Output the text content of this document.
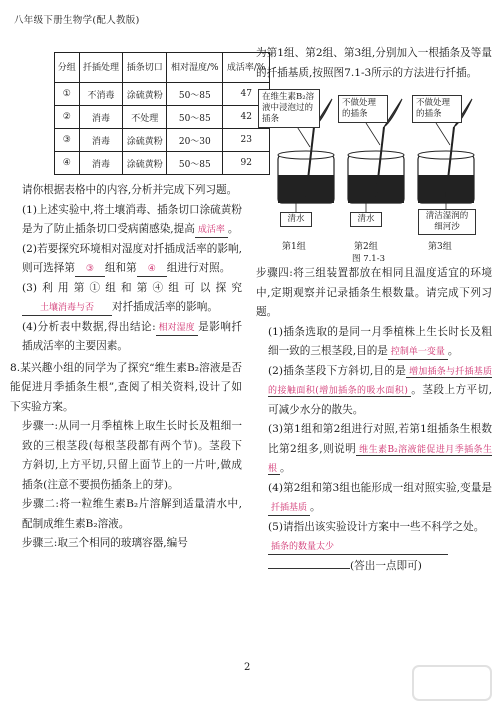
八年级下册生物学(配人教版)
分组	扦插处理	插条切口	相对湿度/%	成活率/%
①	不消毒	涂硫黄粉	50～85	47
②	消毒	不处理	50～85	42
③	消毒	涂硫黄粉	20～30	23
④	消毒	涂硫黄粉	50～85	92
请你根据表格中的内容,分析并完成下列习题。
(1)上述实验中,将土壤消毒、插条切口涂硫黄粉是为了防止插条切口受病菌感染,提高 成活率 。
(2)若要探究环境相对湿度对扦插成活率的影响,则可选择第 ③ 组和第 ④ 组进行对照。
(3)利用第①组和第④组可以探究土壤消毒与否 对扦插成活率的影响。
(4)分析表中数据,得出结论: 相对湿度 是影响扦插成活率的主要因素。
8.某兴趣小组的同学为了探究“维生素B₂溶液是否能促进月季插条生根”,查阅了相关资料,设计了如下实验方案。
步骤一:从同一月季植株上取生长时长及粗细一致的三根茎段(每根茎段都有两个节)。茎段下方斜切,上方平切,只留上面节上的一片叶,做成插条(注意不要损伤插条上的芽)。
步骤二:将一粒维生素B₂片溶解到适量清水中,配制成维生素B₂溶液。
步骤三:取三个相同的玻璃容器,编号
为第1组、第2组、第3组,分别加入一根插条及等量的扦插基质,按照图7.1-3所示的方法进行扦插。
在维生素B₂溶液中浸泡过的插条
不做处理的插条
不做处理的插条
清水	清水	清洁湿润的细河沙
第1组	第2组	第3组
图 7.1-3
步骤四:将三组装置都放在相同且温度适宜的环境中,定期观察并记录插条生根数量。请完成下列习题。
(1)插条选取的是同一月季植株上生长时长及粗细一致的三根茎段,目的是 控制单一变量 。
(2)插条茎段下方斜切,目的是 增加插条与扦插基质的接触面积(增加插条的吸水面积) 。茎段上方平切,可减少水分的散失。
(3)第1组和第2组进行对照,若第1组插条生根数比第2组多,则说明 维生素B₂溶液能促进月季插条生根 。
(4)第2组和第3组也能形成一组对照实验,变量是扦插基质 。
(5)请指出该实验设计方案中一些不科学之处。
插条的数量太少
(答出一点即可)
2
